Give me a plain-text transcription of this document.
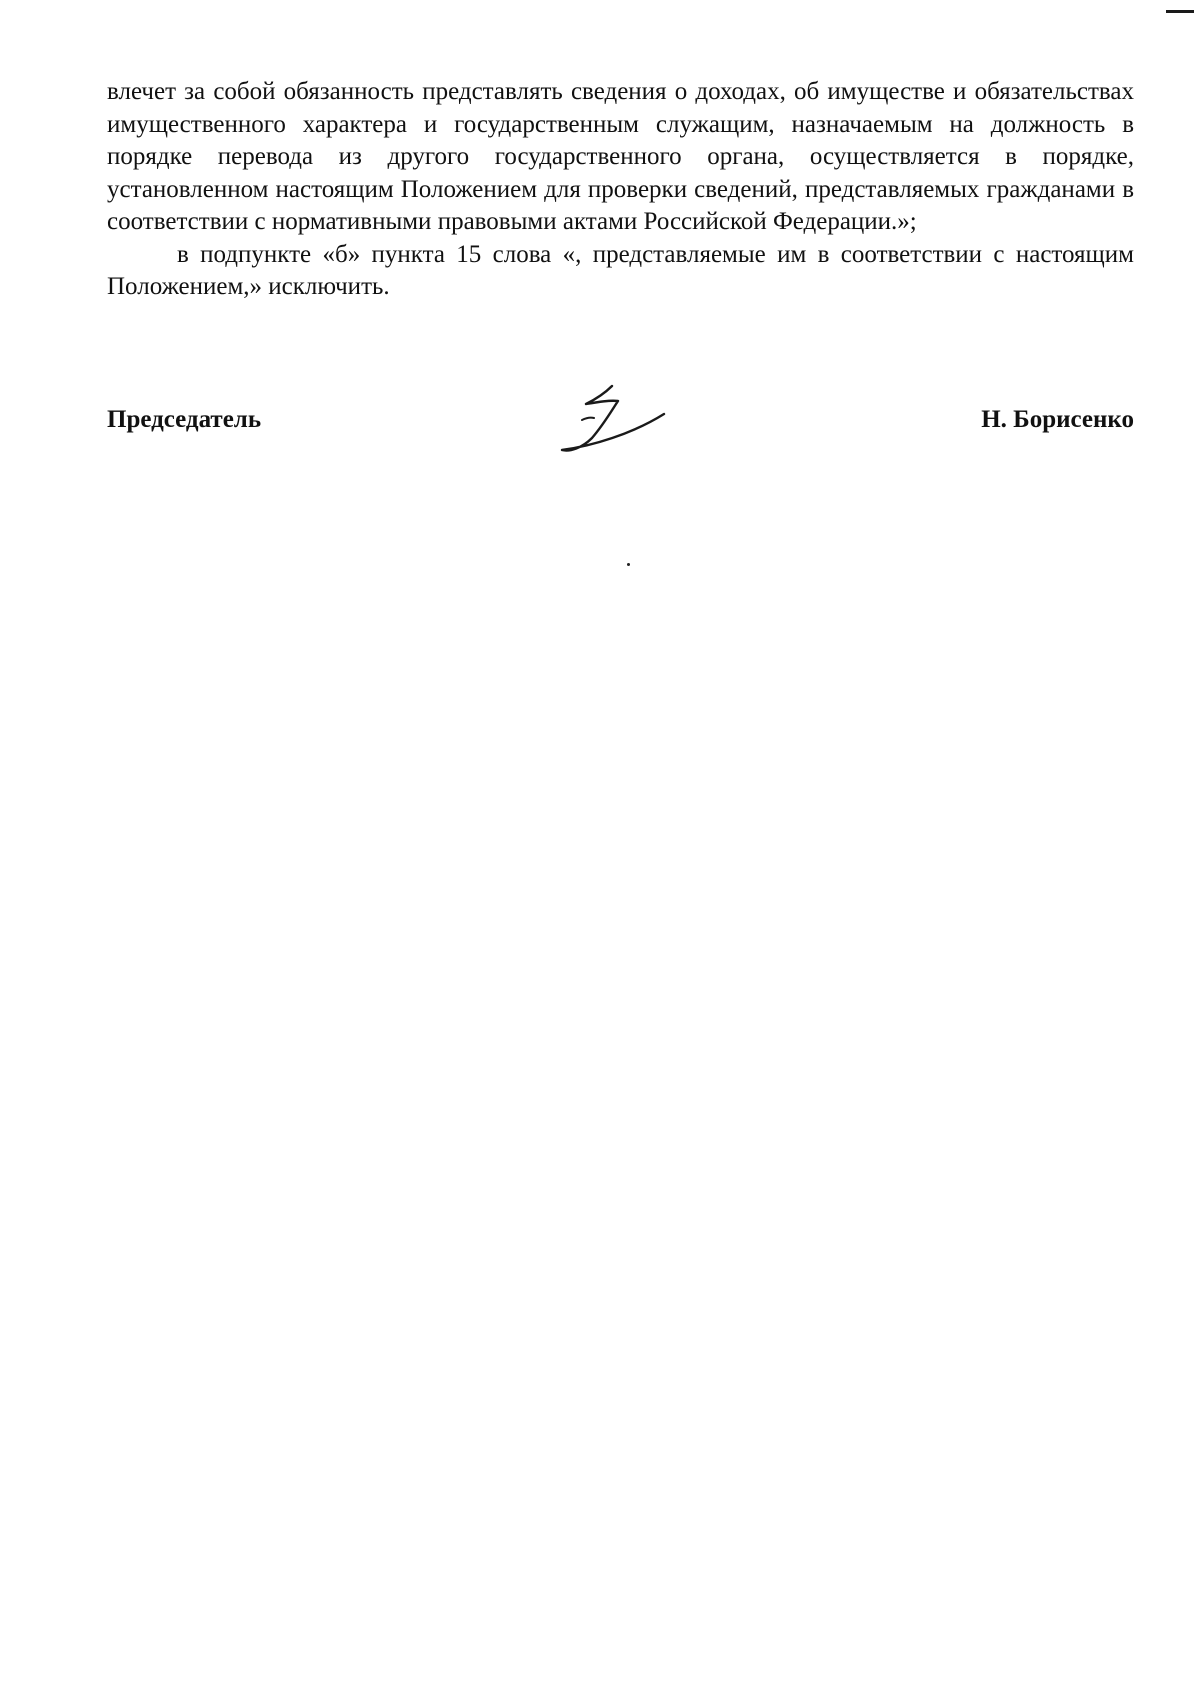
влечет за собой обязанность представлять сведения о доходах, об имуществе и обязательствах имущественного характера и государственным служащим, назначаемым на должность в порядке перевода из другого государственного органа, осуществляется в порядке, установленном настоящим Положением для проверки сведений, представляемых гражданами в соответствии с нормативными правовыми актами Российской Федерации.»;

в подпункте «б» пункта 15 слова «, представляемые им в соответствии с настоящим Положением,» исключить.

Председатель	Н. Борисенко
